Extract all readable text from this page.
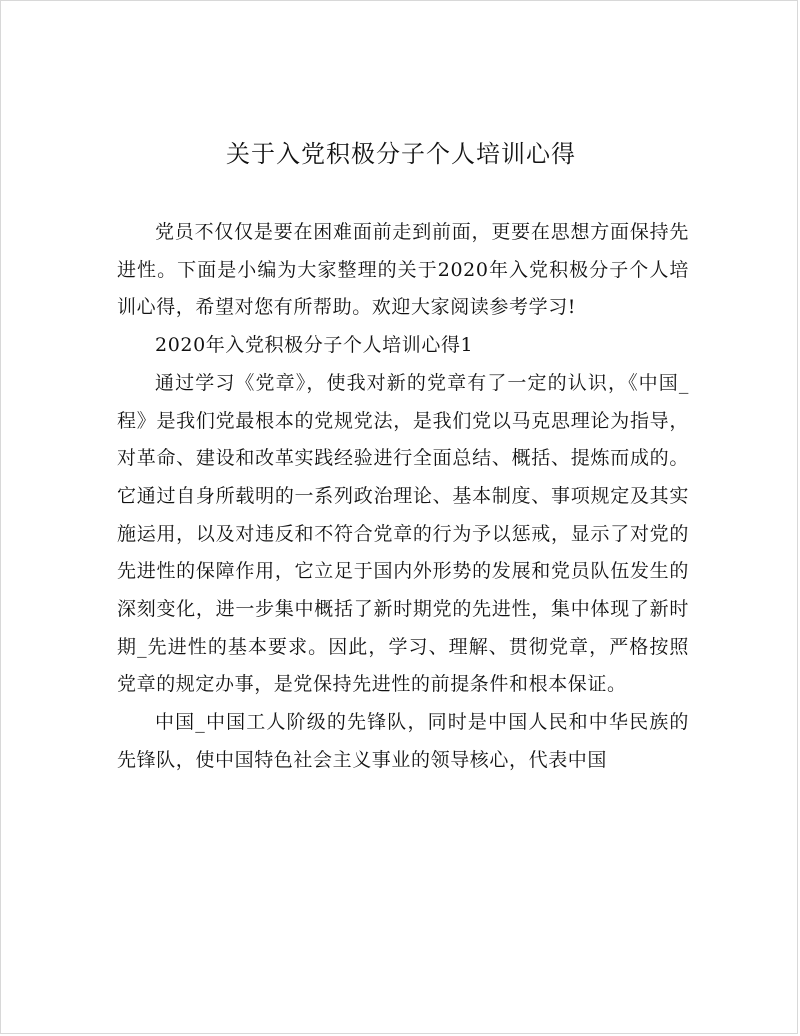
关于入党积极分子个人培训心得

党员不仅仅是要在困难面前走到前面，更要在思想方面保持先进性。下面是小编为大家整理的关于2020年入党积极分子个人培训心得，希望对您有所帮助。欢迎大家阅读参考学习!

2020年入党积极分子个人培训心得1

通过学习《党章》，使我对新的党章有了一定的认识，《中国_程》是我们党最根本的党规党法，是我们党以马克思理论为指导，对革命、建设和改革实践经验进行全面总结、概括、提炼而成的。它通过自身所载明的一系列政治理论、基本制度、事项规定及其实施运用，以及对违反和不符合党章的行为予以惩戒，显示了对党的先进性的保障作用，它立足于国内外形势的发展和党员队伍发生的深刻变化，进一步集中概括了新时期党的先进性，集中体现了新时期_先进性的基本要求。因此，学习、理解、贯彻党章，严格按照党章的规定办事，是党保持先进性的前提条件和根本保证。

中国_中国工人阶级的先锋队，同时是中国人民和中华民族的先锋队，使中国特色社会主义事业的领导核心，代表中国
